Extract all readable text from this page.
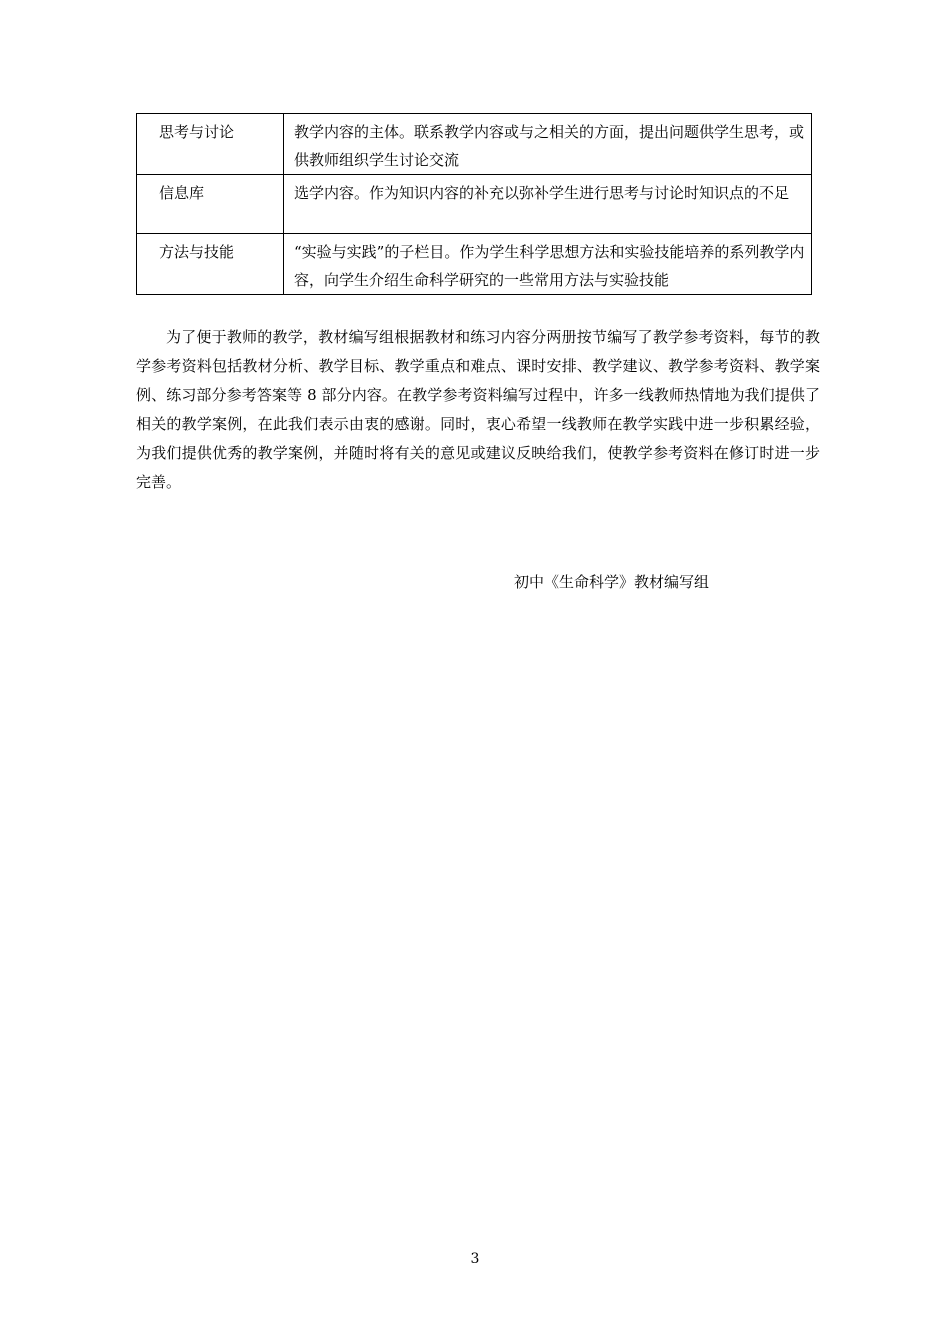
思考与讨论	教学内容的主体。联系教学内容或与之相关的方面，提出问题供学生思考，或供教师组织学生讨论交流
信息库	选学内容。作为知识内容的补充以弥补学生进行思考与讨论时知识点的不足
方法与技能	“实验与实践”的子栏目。作为学生科学思想方法和实验技能培养的系列教学内容，向学生介绍生命科学研究的一些常用方法与实验技能

为了便于教师的教学，教材编写组根据教材和练习内容分两册按节编写了教学参考资料，每节的教学参考资料包括教材分析、教学目标、教学重点和难点、课时安排、教学建议、教学参考资料、教学案例、练习部分参考答案等 8 部分内容。在教学参考资料编写过程中，许多一线教师热情地为我们提供了相关的教学案例，在此我们表示由衷的感谢。同时，衷心希望一线教师在教学实践中进一步积累经验，为我们提供优秀的教学案例，并随时将有关的意见或建议反映给我们，使教学参考资料在修订时进一步完善。

初中《生命科学》教材编写组
3
